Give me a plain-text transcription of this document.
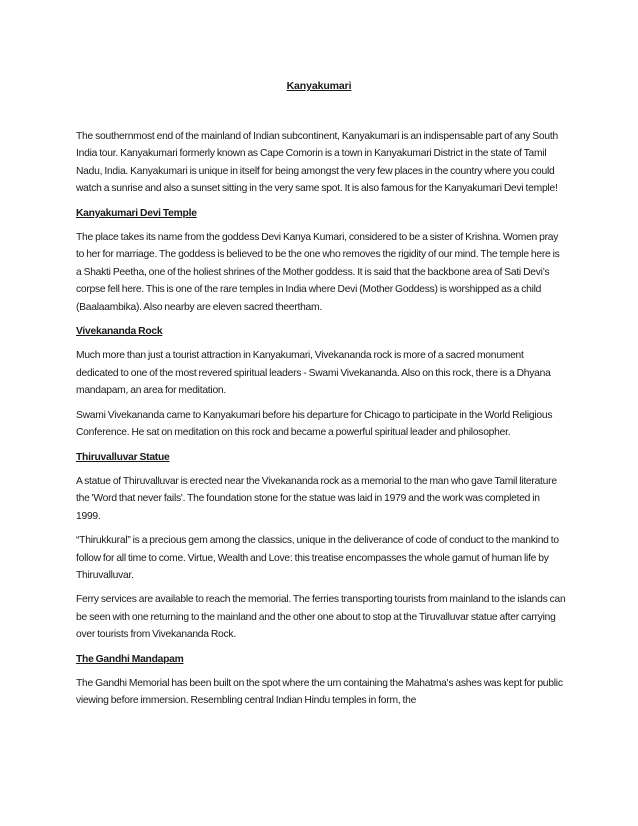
Kanyakumari

The southernmost end of the mainland of Indian subcontinent, Kanyakumari is an indispensable part of any South India tour. Kanyakumari formerly known as Cape Comorin is a town in Kanyakumari District in the state of Tamil Nadu, India. Kanyakumari is unique in itself for being amongst the very few places in the country where you could watch a sunrise and also a sunset sitting in the very same spot. It is also famous for the Kanyakumari Devi temple!

Kanyakumari Devi Temple

The place takes its name from the goddess Devi Kanya Kumari, considered to be a sister of Krishna. Women pray to her for marriage. The goddess is believed to be the one who removes the rigidity of our mind. The temple here is a Shakti Peetha, one of the holiest shrines of the Mother goddess. It is said that the backbone area of Sati Devi’s corpse fell here. This is one of the rare temples in India where Devi (Mother Goddess) is worshipped as a child (Baalaambika). Also nearby are eleven sacred theertham.

Vivekananda Rock

Much more than just a tourist attraction in Kanyakumari, Vivekananda rock is more of a sacred monument dedicated to one of the most revered spiritual leaders - Swami Vivekananda. Also on this rock, there is a Dhyana mandapam, an area for meditation.

Swami Vivekananda came to Kanyakumari before his departure for Chicago to participate in the World Religious Conference. He sat on meditation on this rock and became a powerful spiritual leader and philosopher.

Thiruvalluvar Statue

A statue of Thiruvalluvar is erected near the Vivekananda rock as a memorial to the man who gave Tamil literature the 'Word that never fails'. The foundation stone for the statue was laid in 1979 and the work was completed in 1999.

“Thirukkural” is a precious gem among the classics, unique in the deliverance of code of conduct to the mankind to follow for all time to come. Virtue, Wealth and Love: this treatise encompasses the whole gamut of human life by Thiruvalluvar.

Ferry services are available to reach the memorial. The ferries transporting tourists from mainland to the islands can be seen with one returning to the mainland and the other one about to stop at the Tiruvalluvar statue after carrying over tourists from Vivekananda Rock.

The Gandhi Mandapam

The Gandhi Memorial has been built on the spot where the urn containing the Mahatma's ashes was kept for public viewing before immersion. Resembling central Indian Hindu temples in form, the
